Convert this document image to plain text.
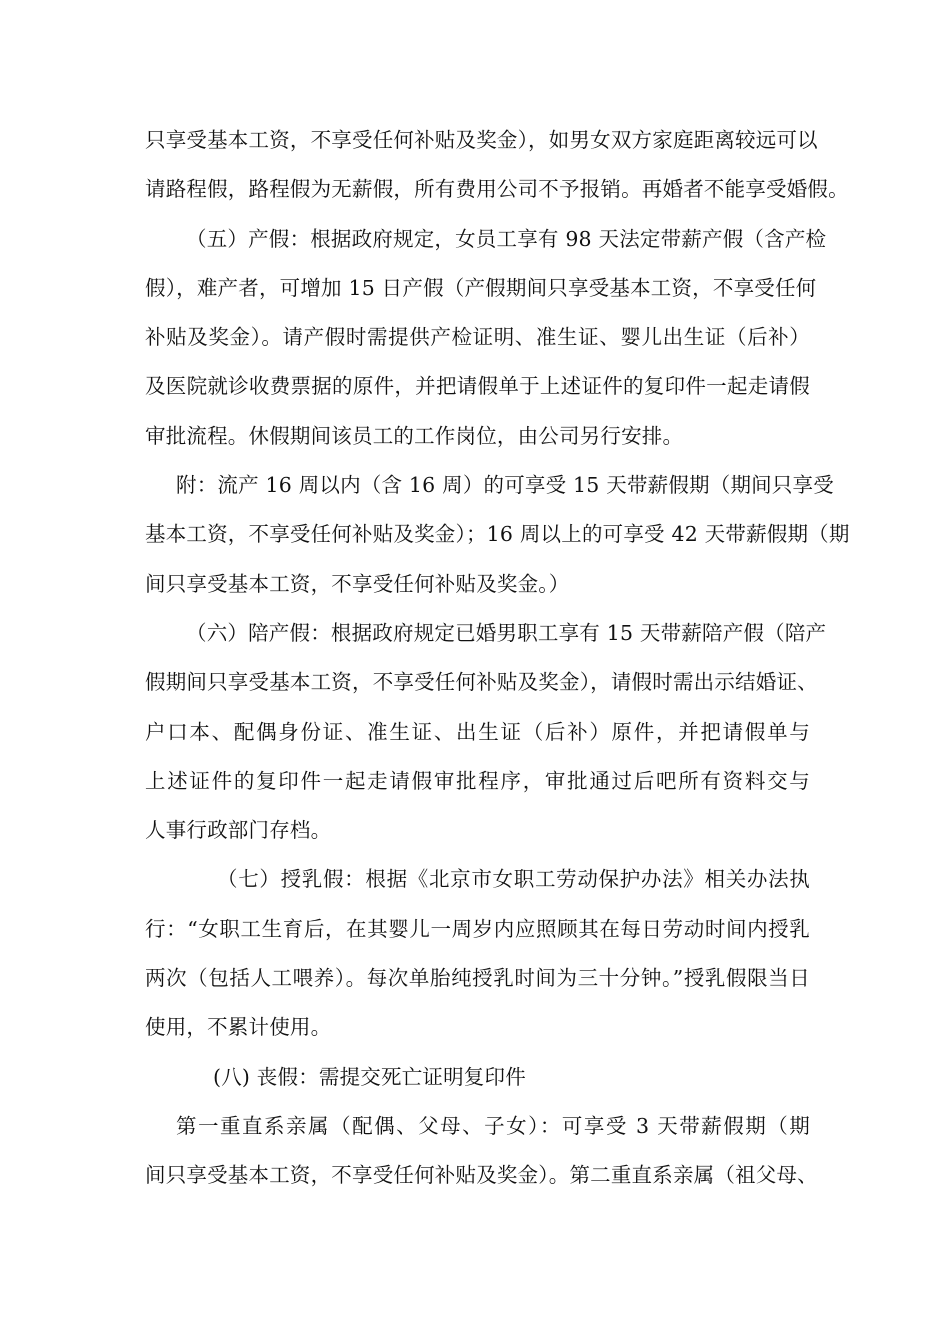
只享受基本工资，不享受任何补贴及奖金），如男女双方家庭距离较远可以
请路程假，路程假为无薪假，所有费用公司不予报销。再婚者不能享受婚假。
（五）产假：根据政府规定，女员工享有 98 天法定带薪产假（含产检
假），难产者，可增加 15 日产假（产假期间只享受基本工资，不享受任何
补贴及奖金）。请产假时需提供产检证明、准生证、婴儿出生证（后补）
及医院就诊收费票据的原件，并把请假单于上述证件的复印件一起走请假
审批流程。休假期间该员工的工作岗位，由公司另行安排。
附：流产 16 周以内（含 16 周）的可享受 15 天带薪假期（期间只享受
基本工资，不享受任何补贴及奖金）；16 周以上的可享受 42 天带薪假期（期
间只享受基本工资，不享受任何补贴及奖金。）
（六）陪产假：根据政府规定已婚男职工享有 15 天带薪陪产假（陪产
假期间只享受基本工资，不享受任何补贴及奖金），请假时需出示结婚证、
户口本、配偶身份证、准生证、出生证（后补）原件，并把请假单与
上述证件的复印件一起走请假审批程序，审批通过后吧所有资料交与
人事行政部门存档。
（七）授乳假：根据《北京市女职工劳动保护办法》相关办法执
行：“女职工生育后，在其婴儿一周岁内应照顾其在每日劳动时间内授乳
两次（包括人工喂养）。每次单胎纯授乳时间为三十分钟。”授乳假限当日
使用，不累计使用。
(八) 丧假：需提交死亡证明复印件
第一重直系亲属（配偶、父母、子女）：可享受 3 天带薪假期（期
间只享受基本工资，不享受任何补贴及奖金）。第二重直系亲属（祖父母、
